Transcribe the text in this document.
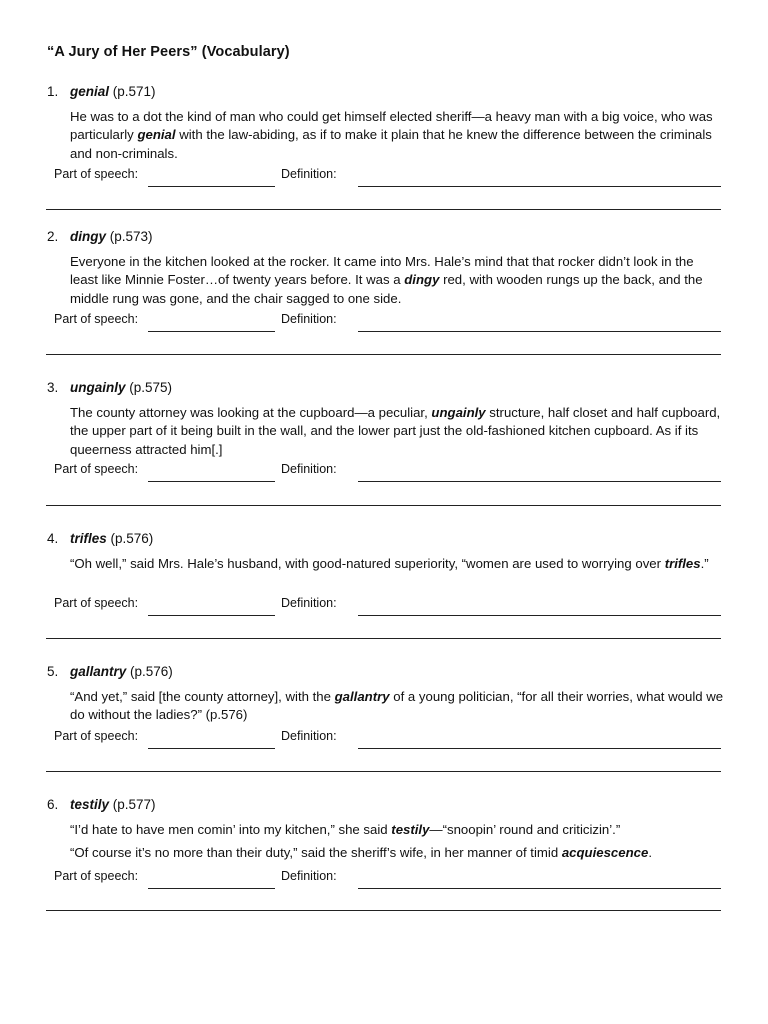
“A Jury of Her Peers” (Vocabulary)
1. genial (p.571)

He was to a dot the kind of man who could get himself elected sheriff—a heavy man with a big voice, who was particularly genial with the law-abiding, as if to make it plain that he knew the difference between the criminals and non-criminals.

Part of speech:	Definition:
2. dingy (p.573)

Everyone in the kitchen looked at the rocker. It came into Mrs. Hale’s mind that that rocker didn’t look in the least like Minnie Foster…of twenty years before. It was a dingy red, with wooden rungs up the back, and the middle rung was gone, and the chair sagged to one side.

Part of speech:	Definition:
3. ungainly (p.575)

The county attorney was looking at the cupboard—a peculiar, ungainly structure, half closet and half cupboard, the upper part of it being built in the wall, and the lower part just the old-fashioned kitchen cupboard. As if its queerness attracted him[.]

Part of speech:	Definition:
4. trifles (p.576)

“Oh well,” said Mrs. Hale’s husband, with good-natured superiority, “women are used to worrying over trifles.”

Part of speech:	Definition:
5. gallantry (p.576)

“And yet,” said [the county attorney], with the gallantry of a young politician, “for all their worries, what would we do without the ladies?” (p.576)

Part of speech:	Definition:
6. testily (p.577)

“I’d hate to have men comin’ into my kitchen,” she said testily—“snoopin’ round and criticizin’.”

“Of course it’s no more than their duty,” said the sheriff’s wife, in her manner of timid acquiescence.

Part of speech:	Definition:
